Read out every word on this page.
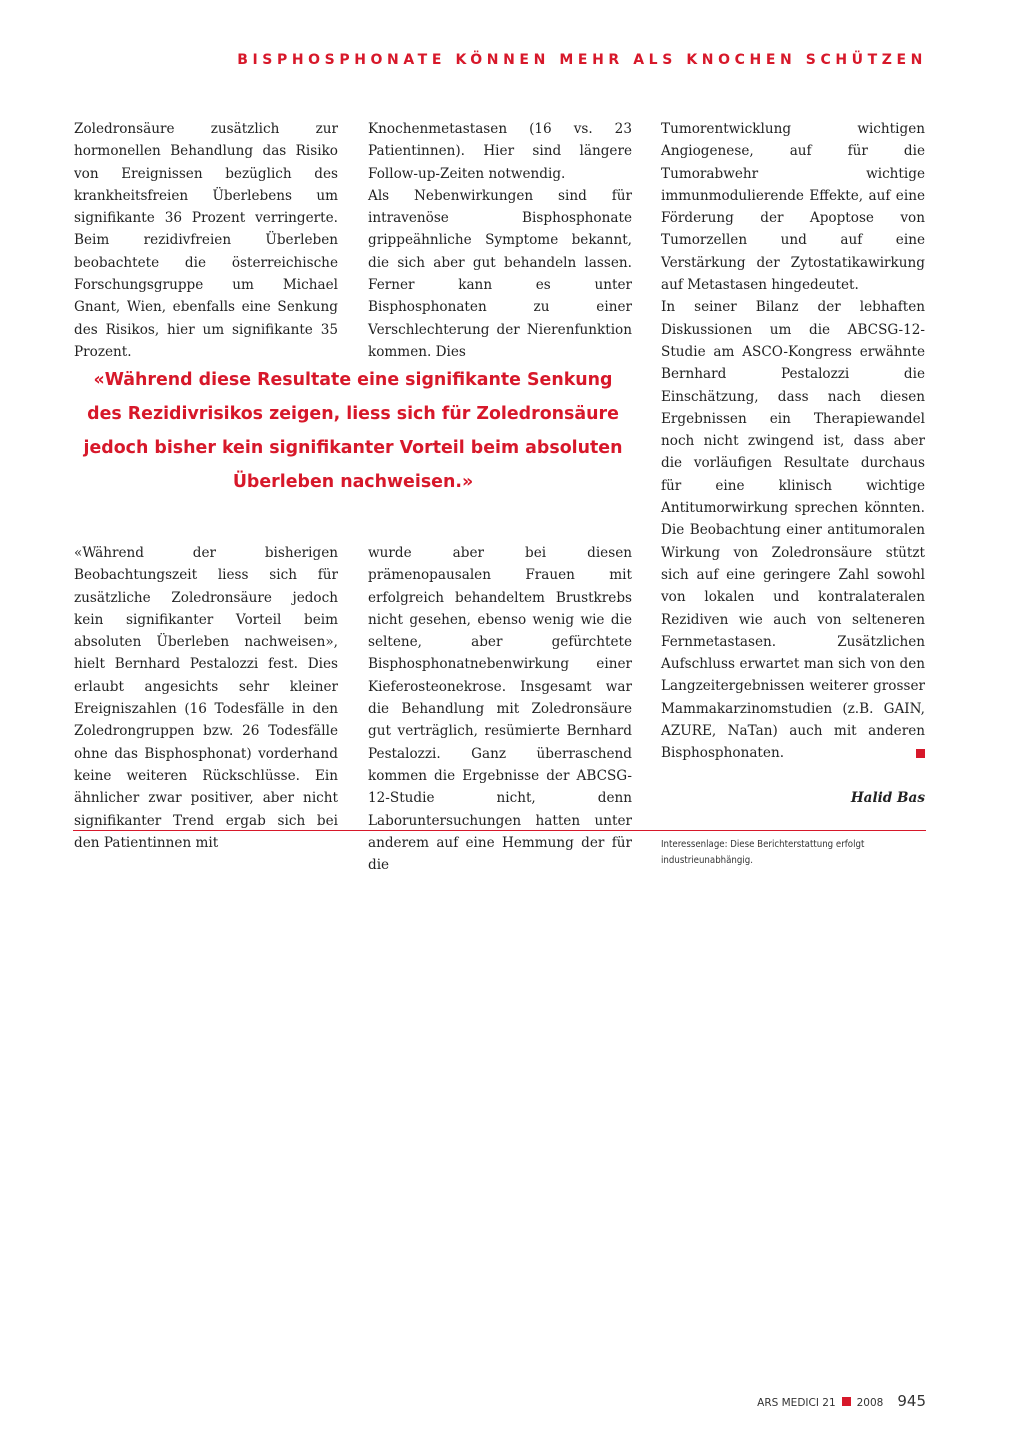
BISPHOSPHONATE KÖNNEN MEHR ALS KNOCHEN SCHÜTZEN

Zoledronsäure zusätzlich zur hormonellen Behandlung das Risiko von Ereignissen bezüglich des krankheitsfreien Überlebens um signifikante 36 Prozent verringerte. Beim rezidivfreien Überleben beobachtete die österreichische Forschungsgruppe um Michael Gnant, Wien, ebenfalls eine Senkung des Risikos, hier um signifikante 35 Prozent.

Knochenmetastasen (16 vs. 23 Patientinnen). Hier sind längere Follow-up-Zeiten notwendig.

Als Nebenwirkungen sind für intravenöse Bisphosphonate grippeähnliche Symptome bekannt, die sich aber gut behandeln lassen. Ferner kann es unter Bisphosphonaten zu einer Verschlechterung der Nierenfunktion kommen. Dies

«Während diese Resultate eine signifikante Senkung des Rezidivrisikos zeigen, liess sich für Zoledronsäure jedoch bisher kein signifikanter Vorteil beim absoluten Überleben nachweisen.»

«Während der bisherigen Beobachtungszeit liess sich für zusätzliche Zoledronsäure jedoch kein signifikanter Vorteil beim absoluten Überleben nachweisen», hielt Bernhard Pestalozzi fest. Dies erlaubt angesichts sehr kleiner Ereigniszahlen (16 Todesfälle in den Zoledrongruppen bzw. 26 Todesfälle ohne das Bisphosphonat) vorderhand keine weiteren Rückschlüsse. Ein ähnlicher zwar positiver, aber nicht signifikanter Trend ergab sich bei den Patientinnen mit

wurde aber bei diesen prämenopausalen Frauen mit erfolgreich behandeltem Brustkrebs nicht gesehen, ebenso wenig wie die seltene, aber gefürchtete Bisphosphonatnebenwirkung einer Kieferosteonekrose. Insgesamt war die Behandlung mit Zoledronsäure gut verträglich, resümierte Bernhard Pestalozzi. Ganz überraschend kommen die Ergebnisse der ABCSG-12-Studie nicht, denn Laboruntersuchungen hatten unter anderem auf eine Hemmung der für die

Tumorentwicklung wichtigen Angiogenese, auf für die Tumorabwehr wichtige immunmodulierende Effekte, auf eine Förderung der Apoptose von Tumorzellen und auf eine Verstärkung der Zytostatikawirkung auf Metastasen hingedeutet.

In seiner Bilanz der lebhaften Diskussionen um die ABCSG-12-Studie am ASCO-Kongress erwähnte Bernhard Pestalozzi die Einschätzung, dass nach diesen Ergebnissen ein Therapiewandel noch nicht zwingend ist, dass aber die vorläufigen Resultate durchaus für eine klinisch wichtige Antitumorwirkung sprechen könnten. Die Beobachtung einer antitumoralen Wirkung von Zoledronsäure stützt sich auf eine geringere Zahl sowohl von lokalen und kontralateralen Rezidiven wie auch von selteneren Fernmetastasen. Zusätzlichen Aufschluss erwartet man sich von den Langzeitergebnissen weiterer grosser Mammakarzinomstudien (z.B. GAIN, AZURE, NaTan) auch mit anderen Bisphosphonaten.

Halid Bas

Interessenlage: Diese Berichterstattung erfolgt industrieunabhängig.

ARS MEDICI 21 2008 945
